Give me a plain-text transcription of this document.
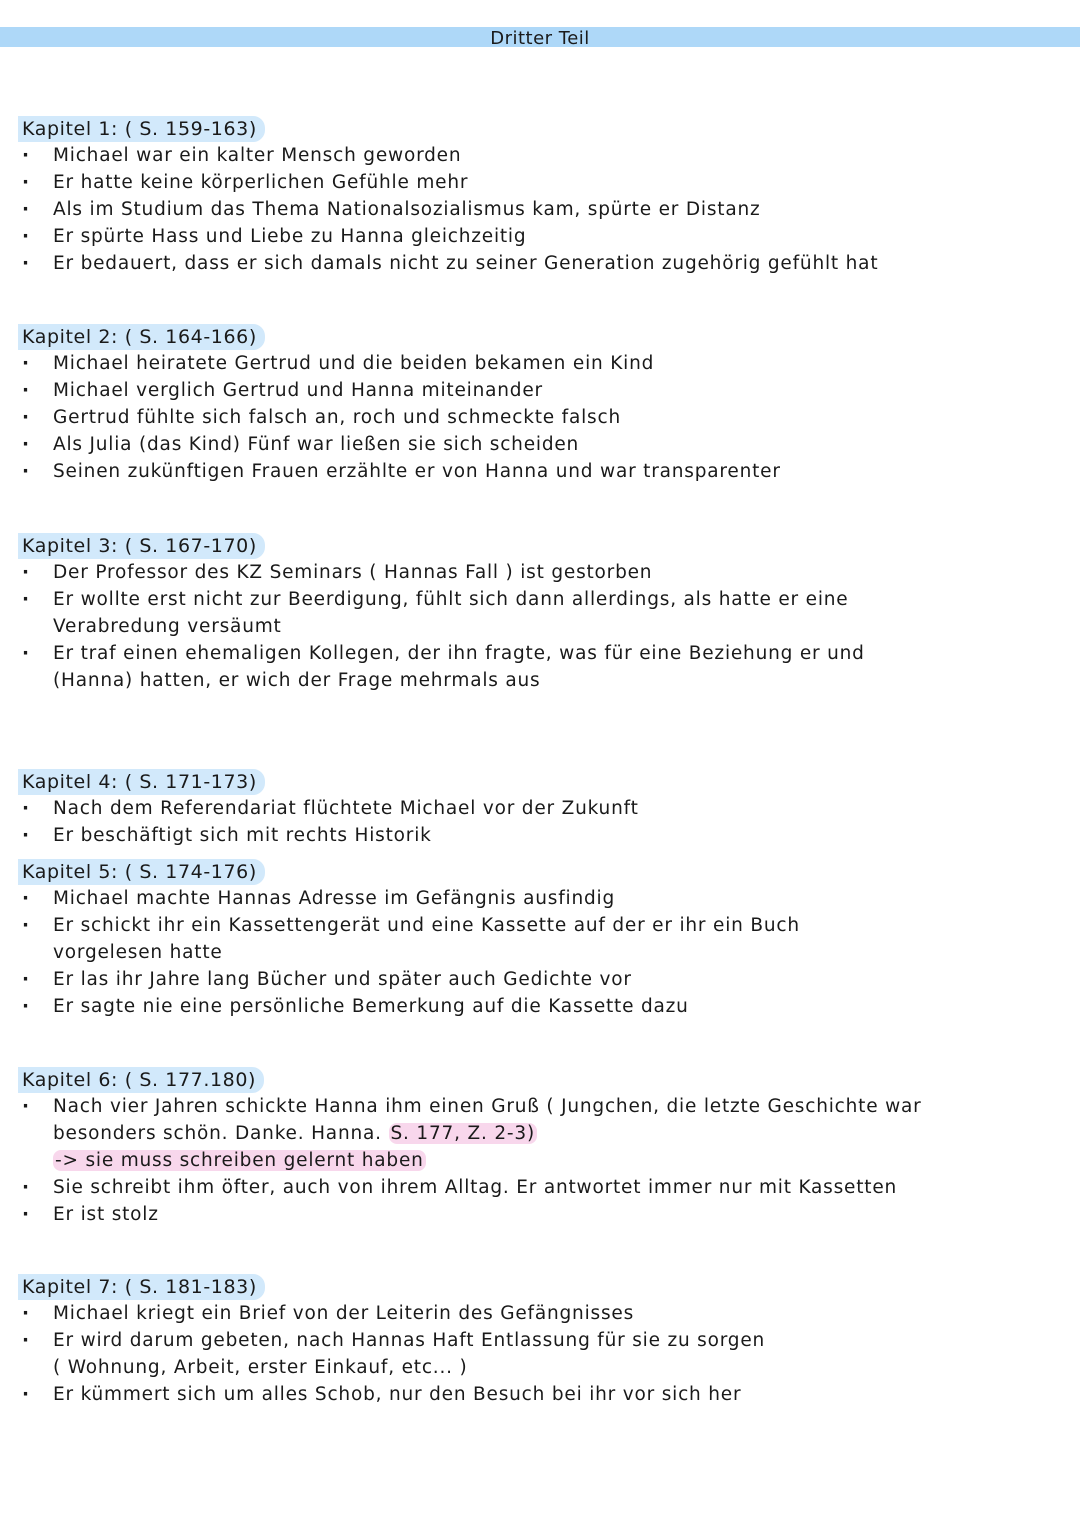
Dritter Teil
Kapitel 1: ( S. 159-163)
· Michael war ein kalter Mensch geworden
· Er hatte keine körperlichen Gefühle mehr
· Als im Studium das Thema Nationalsozialismus kam, spürte er Distanz
· Er spürte Hass und Liebe zu Hanna gleichzeitig
· Er bedauert, dass er sich damals nicht zu seiner Generation zugehörig gefühlt hat
Kapitel 2: ( S. 164-166)
· Michael heiratete Gertrud und die beiden bekamen ein Kind
· Michael verglich Gertrud und Hanna miteinander
· Gertrud fühlte sich falsch an, roch und schmeckte falsch
· Als Julia (das Kind) Fünf war ließen sie sich scheiden
· Seinen zukünftigen Frauen erzählte er von Hanna und war transparenter
Kapitel 3: ( S. 167-170)
· Der Professor des KZ Seminars ( Hannas Fall ) ist gestorben
· Er wollte erst nicht zur Beerdigung, fühlt sich dann allerdings, als hatte er eine
Verabredung versäumt
· Er traf einen ehemaligen Kollegen, der ihn fragte, was für eine Beziehung er und
(Hanna) hatten, er wich der Frage mehrmals aus
Kapitel 4: ( S. 171-173)
· Nach dem Referendariat flüchtete Michael vor der Zukunft
· Er beschäftigt sich mit rechts Historik
Kapitel 5: ( S. 174-176)
· Michael machte Hannas Adresse im Gefängnis ausfindig
· Er schickt ihr ein Kassettengerät und eine Kassette auf der er ihr ein Buch
vorgelesen hatte
· Er las ihr Jahre lang Bücher und später auch Gedichte vor
· Er sagte nie eine persönliche Bemerkung auf die Kassette dazu
Kapitel 6: ( S. 177.180)
· Nach vier Jahren schickte Hanna ihm einen Gruß ( Jungchen, die letzte Geschichte war
besonders schön. Danke. Hanna. S. 177, Z. 2-3)
-> sie muss schreiben gelernt haben
· Sie schreibt ihm öfter, auch von ihrem Alltag. Er antwortet immer nur mit Kassetten
· Er ist stolz
Kapitel 7: ( S. 181-183)
· Michael kriegt ein Brief von der Leiterin des Gefängnisses
· Er wird darum gebeten, nach Hannas Haft Entlassung für sie zu sorgen
( Wohnung, Arbeit, erster Einkauf, etc... )
· Er kümmert sich um alles Schob, nur den Besuch bei ihr vor sich her
